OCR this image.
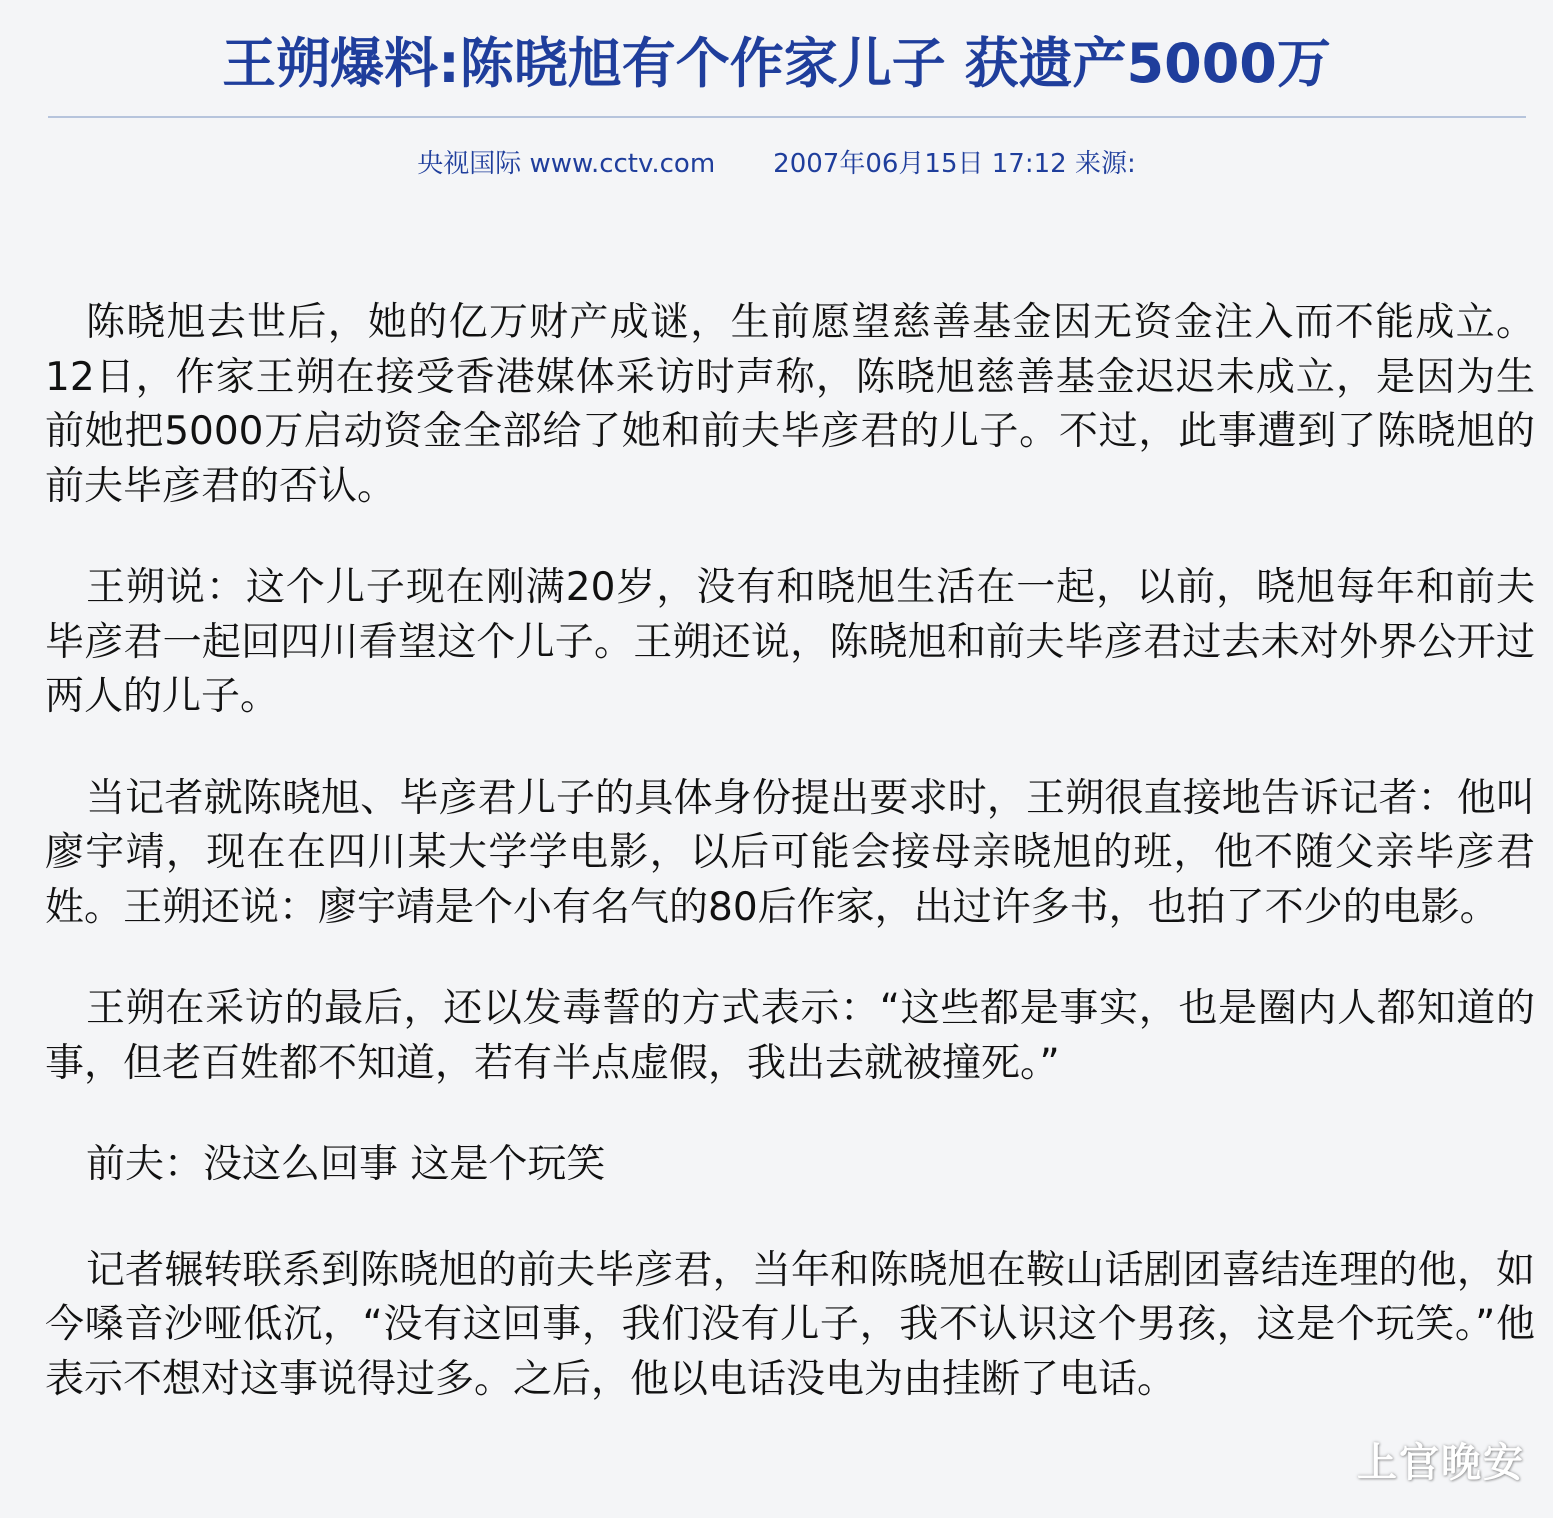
王朔爆料:陈晓旭有个作家儿子 获遗产5000万
央视国际 www.cctv.com 2007年06月15日 17:12 来源:

陈晓旭去世后，她的亿万财产成谜，生前愿望慈善基金因无资金注入而不能成立。12日，作家王朔在接受香港媒体采访时声称，陈晓旭慈善基金迟迟未成立，是因为生前她把5000万启动资金全部给了她和前夫毕彦君的儿子。不过，此事遭到了陈晓旭的前夫毕彦君的否认。

王朔说：这个儿子现在刚满20岁，没有和晓旭生活在一起，以前，晓旭每年和前夫毕彦君一起回四川看望这个儿子。王朔还说，陈晓旭和前夫毕彦君过去未对外界公开过两人的儿子。

当记者就陈晓旭、毕彦君儿子的具体身份提出要求时，王朔很直接地告诉记者：他叫廖宇靖，现在在四川某大学学电影，以后可能会接母亲晓旭的班，他不随父亲毕彦君姓。王朔还说：廖宇靖是个小有名气的80后作家，出过许多书，也拍了不少的电影。

王朔在采访的最后，还以发毒誓的方式表示：“这些都是事实，也是圈内人都知道的事，但老百姓都不知道，若有半点虚假，我出去就被撞死。”

前夫：没这么回事 这是个玩笑

记者辗转联系到陈晓旭的前夫毕彦君，当年和陈晓旭在鞍山话剧团喜结连理的他，如今嗓音沙哑低沉，“没有这回事，我们没有儿子，我不认识这个男孩，这是个玩笑。”他表示不想对这事说得过多。之后，他以电话没电为由挂断了电话。

上官晚安
